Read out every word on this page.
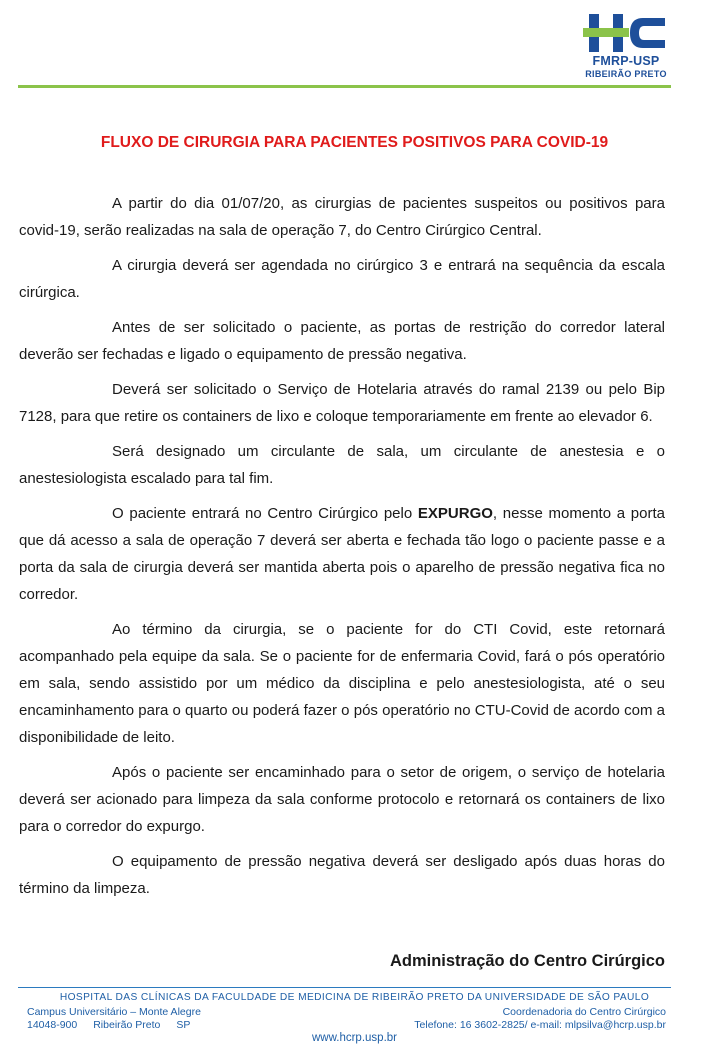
FMRP-USP
RIBEIRÃO PRETO
FLUXO DE CIRURGIA PARA PACIENTES POSITIVOS PARA COVID-19

A partir do dia 01/07/20, as cirurgias de pacientes suspeitos ou positivos para covid-19, serão realizadas na sala de operação 7, do Centro Cirúrgico Central.

A cirurgia deverá ser agendada no cirúrgico 3 e entrará na sequência da escala cirúrgica.

Antes de ser solicitado o paciente, as portas de restrição do corredor lateral deverão ser fechadas e ligado o equipamento de pressão negativa.

Deverá ser solicitado o Serviço de Hotelaria através do ramal 2139 ou pelo Bip 7128, para que retire os containers de lixo e coloque temporariamente em frente ao elevador 6.

Será designado um circulante de sala, um circulante de anestesia e o anestesiologista escalado para tal fim.

O paciente entrará no Centro Cirúrgico pelo EXPURGO, nesse momento a porta que dá acesso a sala de operação 7 deverá ser aberta e fechada tão logo o paciente passe e a porta da sala de cirurgia deverá ser mantida aberta pois o aparelho de pressão negativa fica no corredor.

Ao término da cirurgia, se o paciente for do CTI Covid, este retornará acompanhado pela equipe da sala. Se o paciente for de enfermaria Covid, fará o pós operatório em sala, sendo assistido por um médico da disciplina e pelo anestesiologista, até o seu encaminhamento para o quarto ou poderá fazer o pós operatório no CTU-Covid de acordo com a disponibilidade de leito.

Após o paciente ser encaminhado para o setor de origem, o serviço de hotelaria deverá ser acionado para limpeza da sala conforme protocolo e retornará os containers de lixo para o corredor do expurgo.

O equipamento de pressão negativa deverá ser desligado após duas horas do término da limpeza.

Administração do Centro Cirúrgico
HOSPITAL DAS CLÍNICAS DA FACULDADE DE MEDICINA DE RIBEIRÃO PRETO DA UNIVERSIDADE DE SÃO PAULO
Campus Universitário – Monte Alegre
14048-900 Ribeirão Preto SP
Coordenadoria do Centro Cirúrgico
Telefone: 16 3602-2825/ e-mail: mlpsilva@hcrp.usp.br
www.hcrp.usp.br
